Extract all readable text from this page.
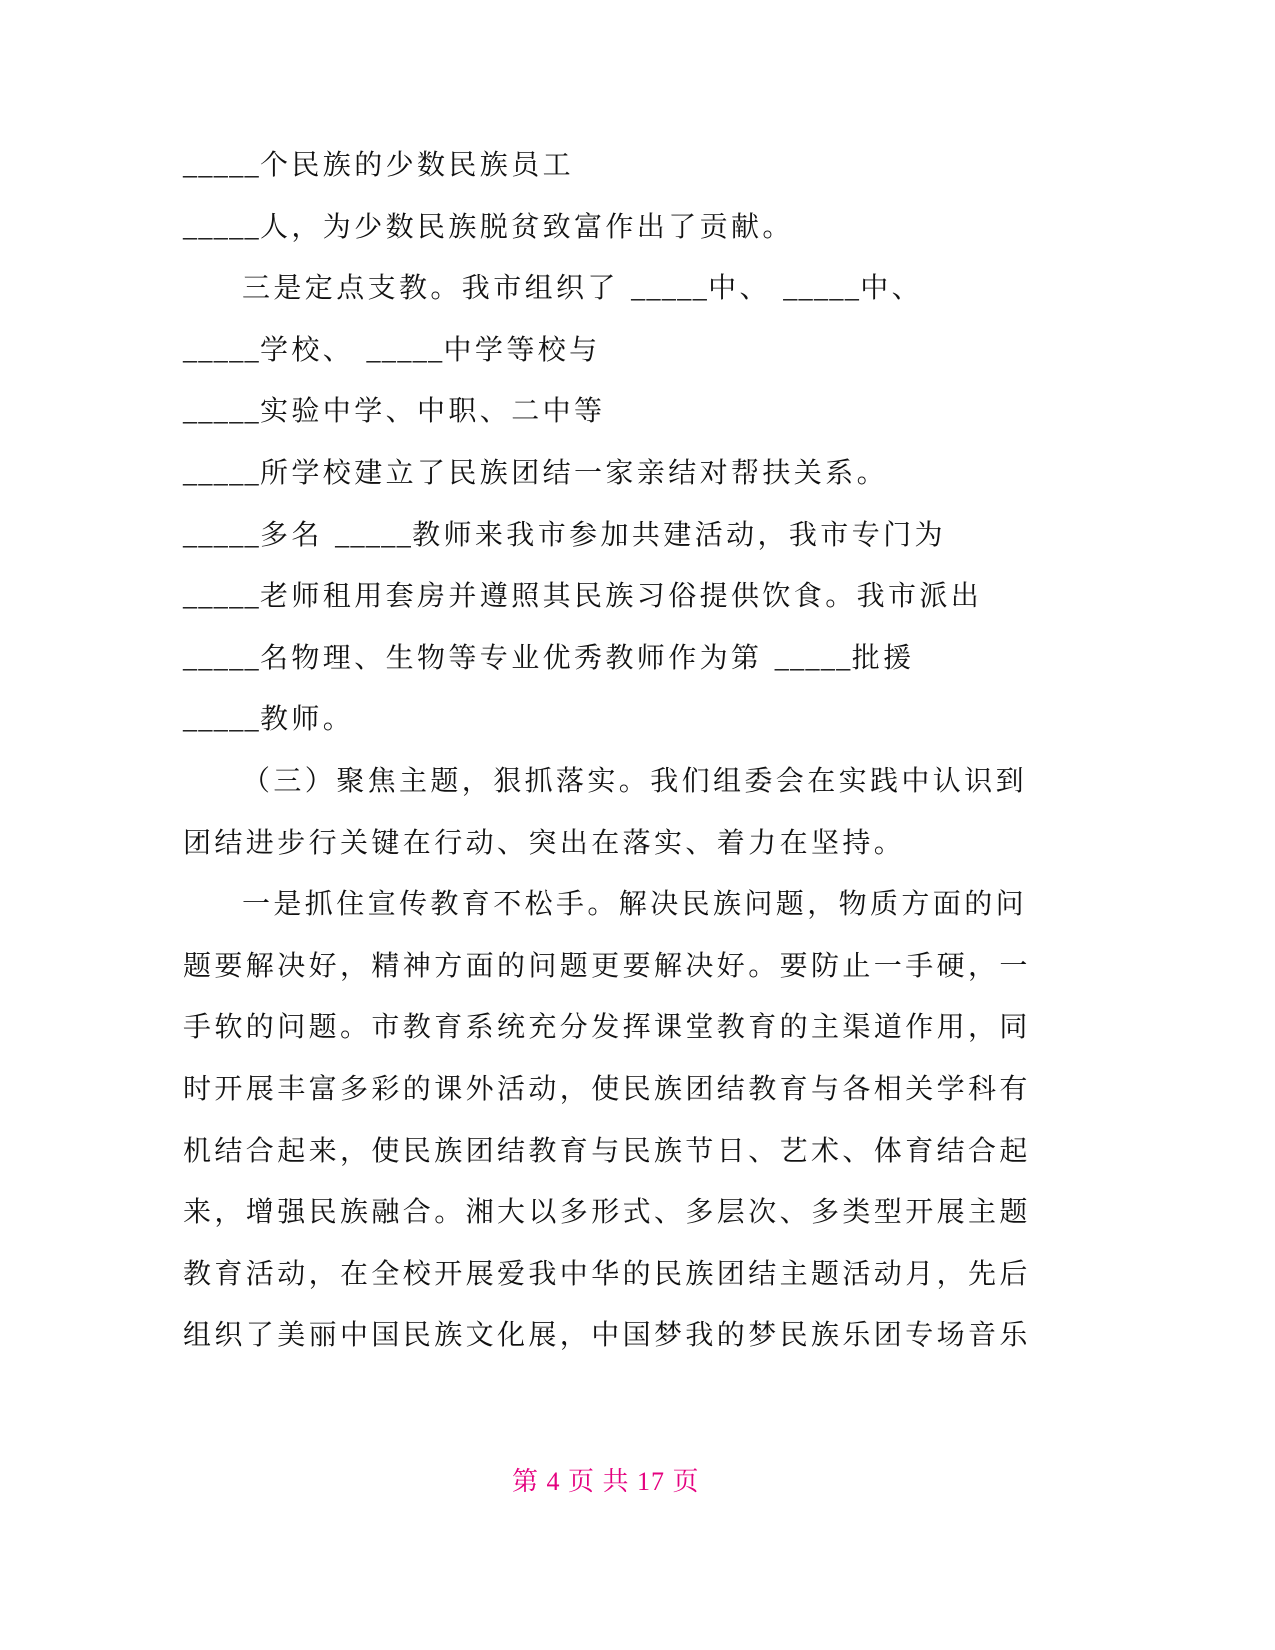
_____个民族的少数民族员工
_____人，为少数民族脱贫致富作出了贡献。
三是定点支教。我市组织了 _____中、 _____中、
_____学校、 _____中学等校与
_____实验中学、中职、二中等
_____所学校建立了民族团结一家亲结对帮扶关系。
_____多名 _____教师来我市参加共建活动，我市专门为
_____老师租用套房并遵照其民族习俗提供饮食。我市派出
_____名物理、生物等专业优秀教师作为第 _____批援
_____教师。
（三）聚焦主题，狠抓落实。我们组委会在实践中认识到
团结进步行关键在行动、突出在落实、着力在坚持。
一是抓住宣传教育不松手。解决民族问题，物质方面的问
题要解决好，精神方面的问题更要解决好。要防止一手硬，一
手软的问题。市教育系统充分发挥课堂教育的主渠道作用，同
时开展丰富多彩的课外活动，使民族团结教育与各相关学科有
机结合起来，使民族团结教育与民族节日、艺术、体育结合起
来，增强民族融合。湘大以多形式、多层次、多类型开展主题
教育活动，在全校开展爱我中华的民族团结主题活动月，先后
组织了美丽中国民族文化展，中国梦我的梦民族乐团专场音乐
第 4 页 共 17 页
